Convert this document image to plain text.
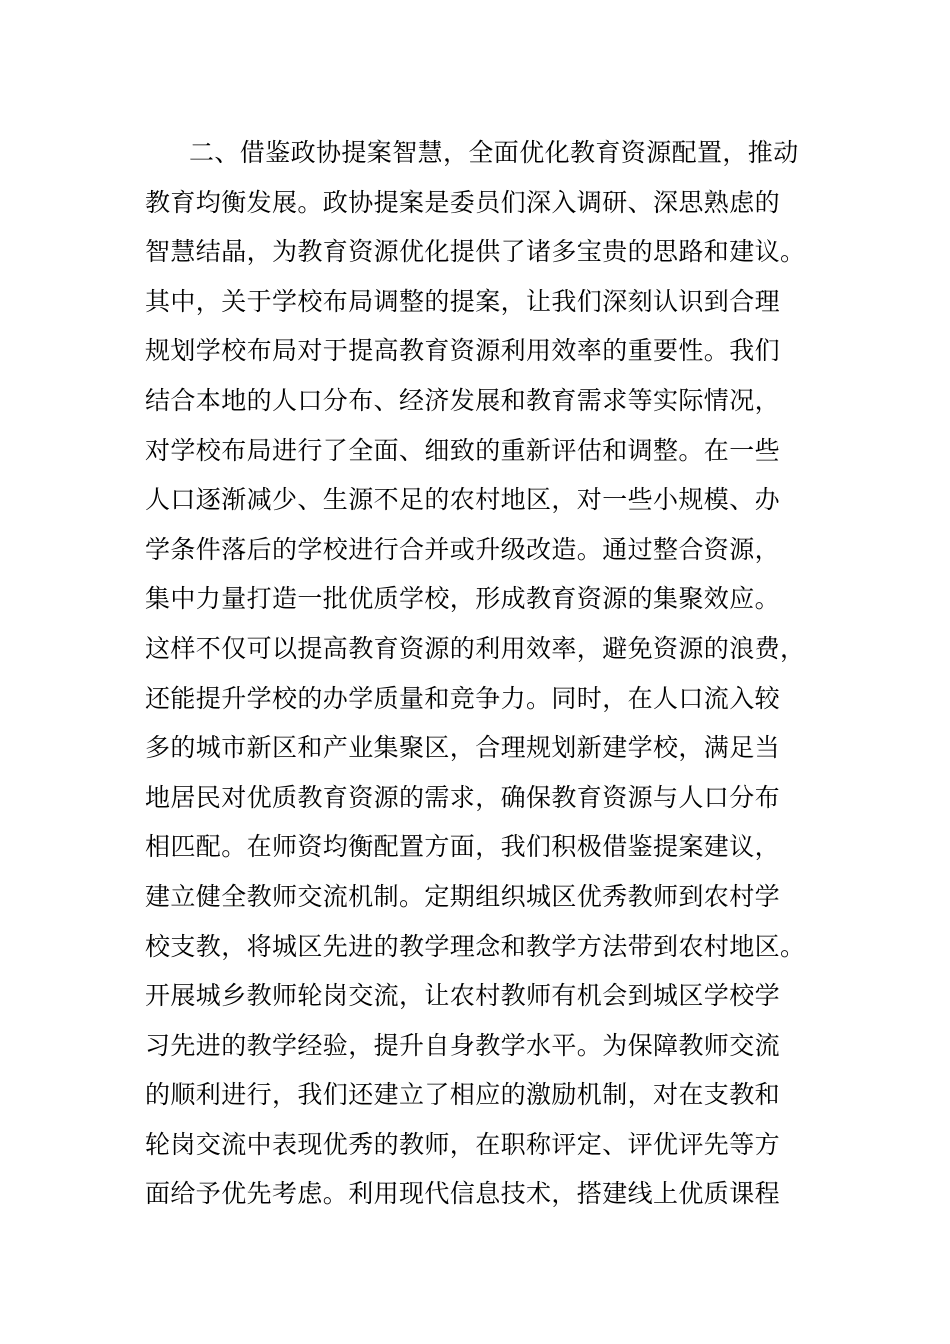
二、借鉴政协提案智慧，全面优化教育资源配置，推动
教育均衡发展。政协提案是委员们深入调研、深思熟虑的
智慧结晶，为教育资源优化提供了诸多宝贵的思路和建议。
其中，关于学校布局调整的提案，让我们深刻认识到合理
规划学校布局对于提高教育资源利用效率的重要性。我们
结合本地的人口分布、经济发展和教育需求等实际情况，
对学校布局进行了全面、细致的重新评估和调整。在一些
人口逐渐减少、生源不足的农村地区，对一些小规模、办
学条件落后的学校进行合并或升级改造。通过整合资源，
集中力量打造一批优质学校，形成教育资源的集聚效应。
这样不仅可以提高教育资源的利用效率，避免资源的浪费，
还能提升学校的办学质量和竞争力。同时，在人口流入较
多的城市新区和产业集聚区，合理规划新建学校，满足当
地居民对优质教育资源的需求，确保教育资源与人口分布
相匹配。在师资均衡配置方面，我们积极借鉴提案建议，
建立健全教师交流机制。定期组织城区优秀教师到农村学
校支教，将城区先进的教学理念和教学方法带到农村地区。
开展城乡教师轮岗交流，让农村教师有机会到城区学校学
习先进的教学经验，提升自身教学水平。为保障教师交流
的顺利进行，我们还建立了相应的激励机制，对在支教和
轮岗交流中表现优秀的教师，在职称评定、评优评先等方
面给予优先考虑。利用现代信息技术，搭建线上优质课程
